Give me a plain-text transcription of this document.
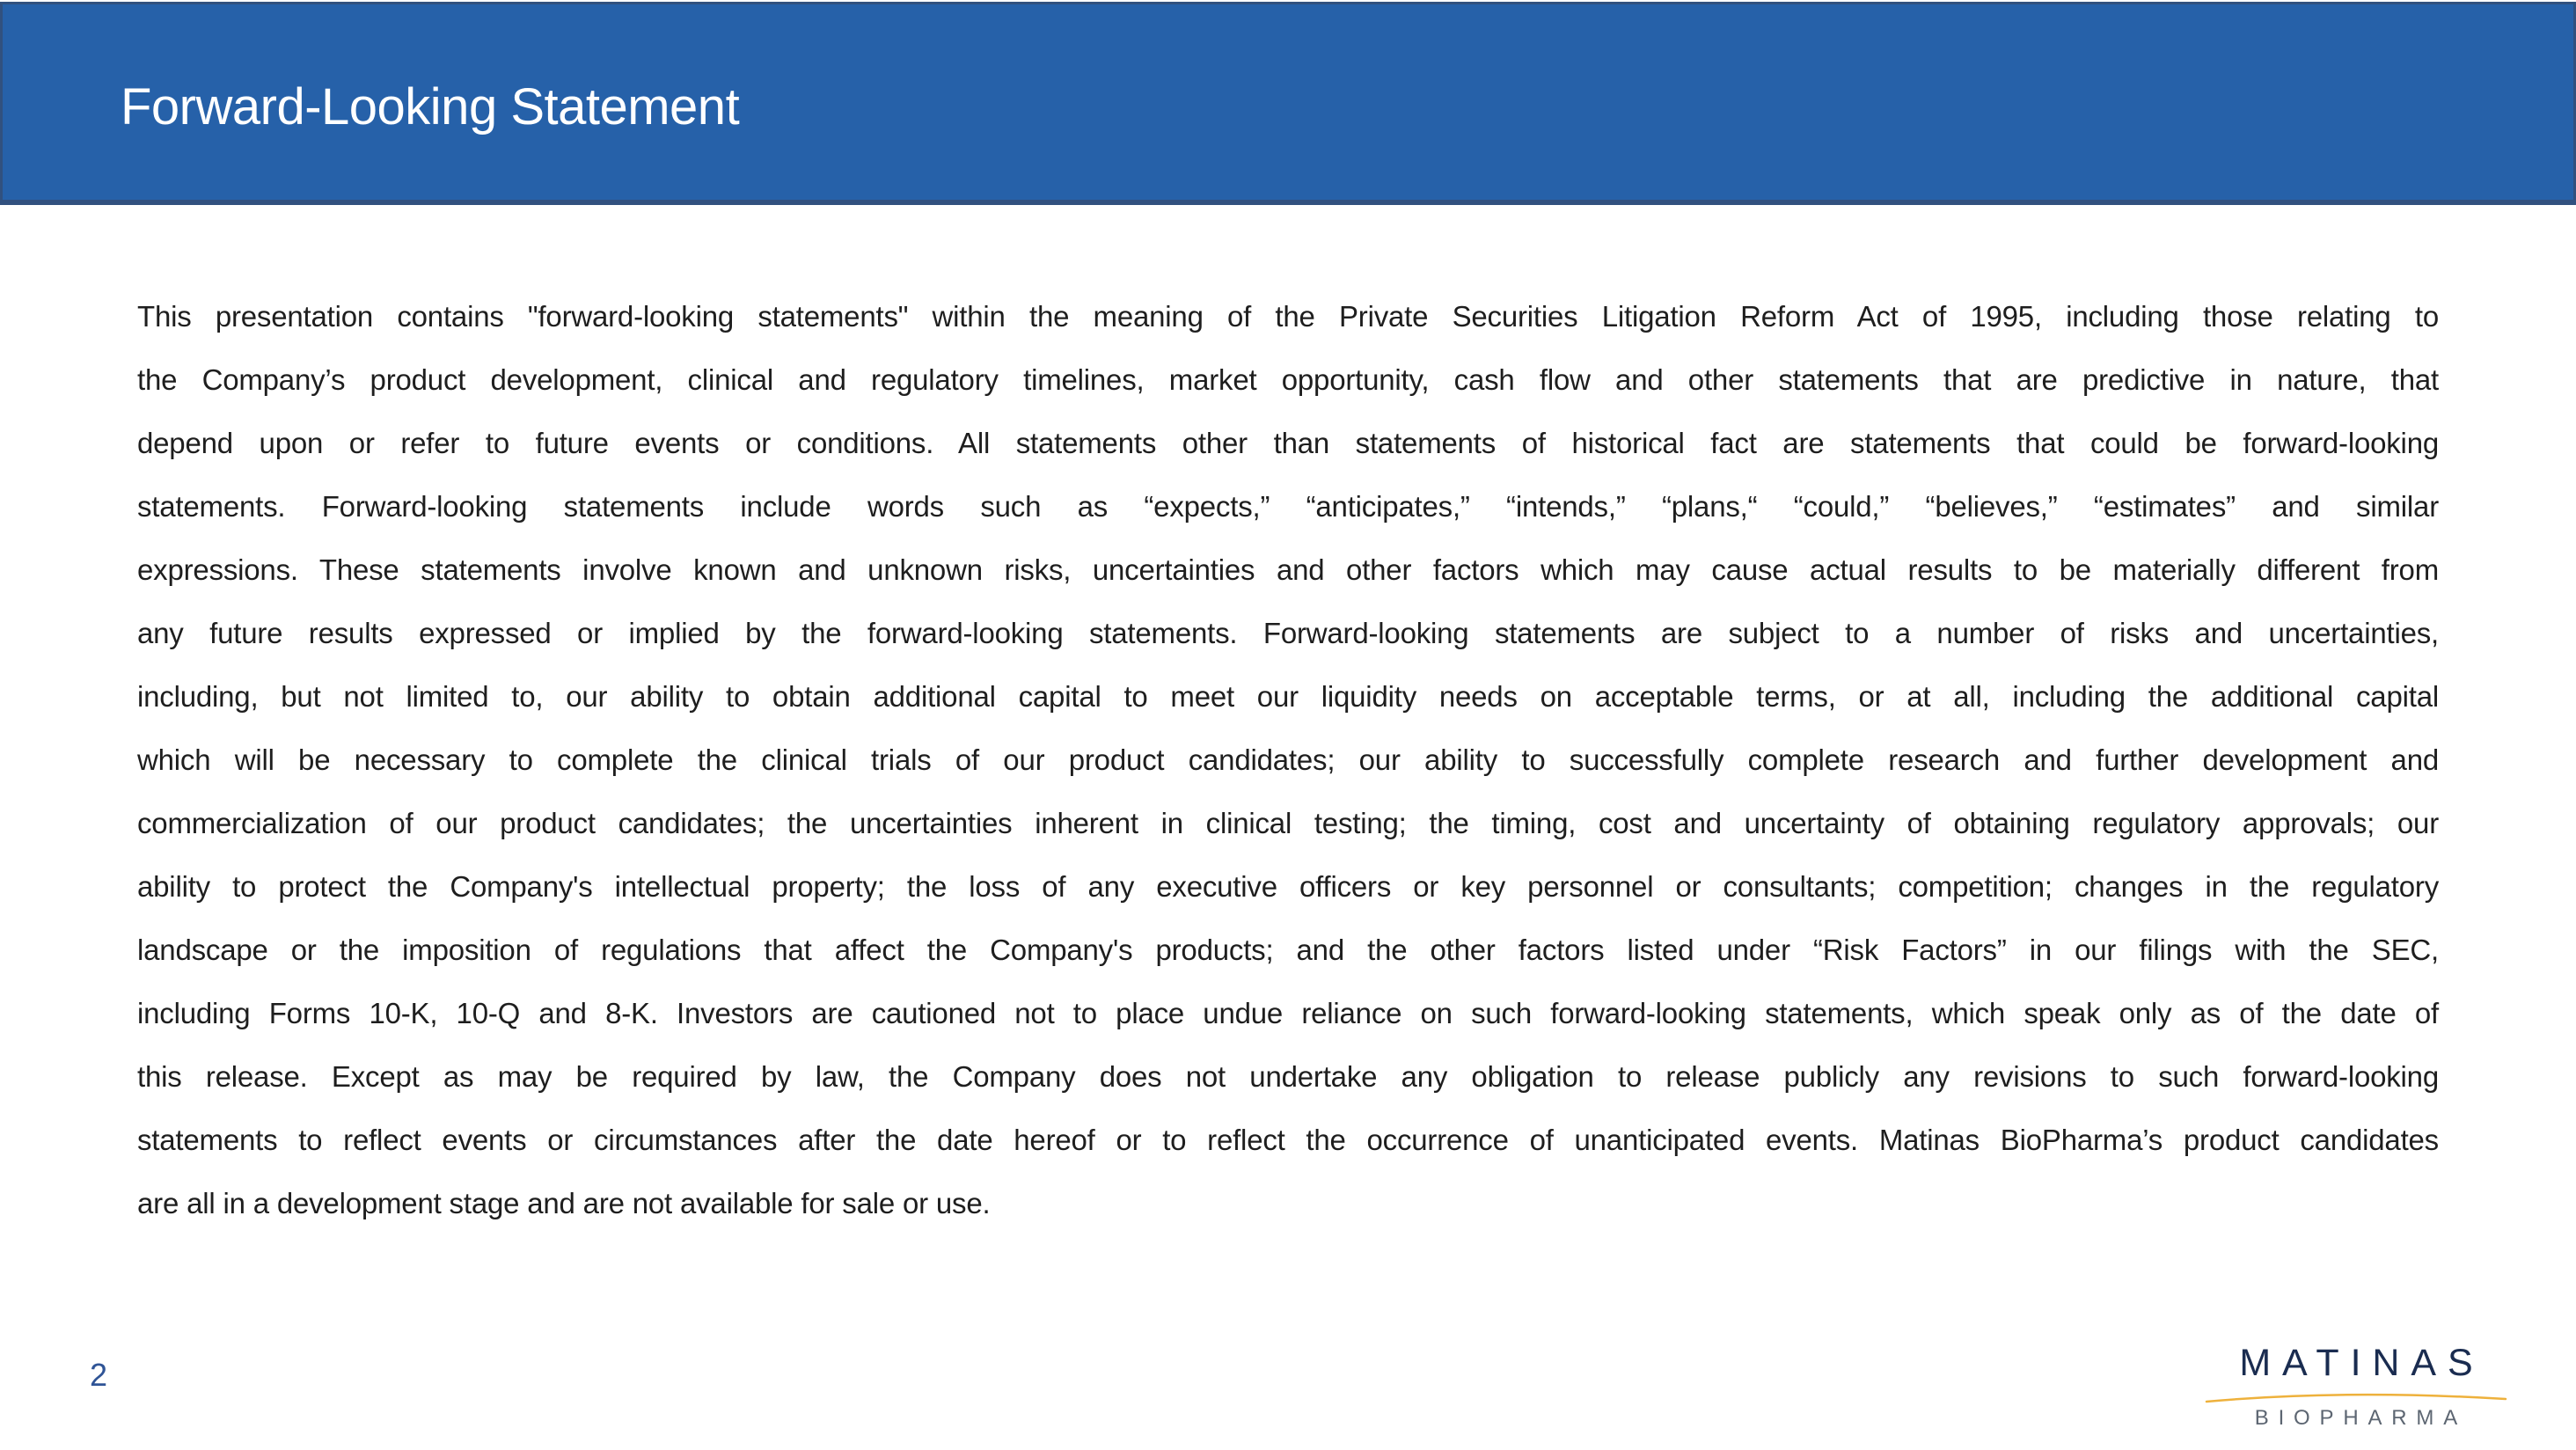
Forward-Looking Statement
This presentation contains "forward-looking statements" within the meaning of the Private Securities Litigation Reform Act of 1995, including those relating to
the Company’s product development, clinical and regulatory timelines, market opportunity, cash flow and other statements that are predictive in nature, that
depend upon or refer to future events or conditions. All statements other than statements of historical fact are statements that could be forward-looking
statements. Forward-looking statements include words such as “expects,” “anticipates,” “intends,” “plans,“ “could,” “believes,” “estimates” and similar
expressions. These statements involve known and unknown risks, uncertainties and other factors which may cause actual results to be materially different from
any future results expressed or implied by the forward-looking statements. Forward-looking statements are subject to a number of risks and uncertainties,
including, but not limited to, our ability to obtain additional capital to meet our liquidity needs on acceptable terms, or at all, including the additional capital
which will be necessary to complete the clinical trials of our product candidates; our ability to successfully complete research and further development and
commercialization of our product candidates; the uncertainties inherent in clinical testing; the timing, cost and uncertainty of obtaining regulatory approvals; our
ability to protect the Company's intellectual property; the loss of any executive officers or key personnel or consultants; competition; changes in the regulatory
landscape or the imposition of regulations that affect the Company's products; and the other factors listed under “Risk Factors” in our filings with the SEC,
including Forms 10-K, 10-Q and 8-K. Investors are cautioned not to place undue reliance on such forward-looking statements, which speak only as of the date of
this release. Except as may be required by law, the Company does not undertake any obligation to release publicly any revisions to such forward-looking
statements to reflect events or circumstances after the date hereof or to reflect the occurrence of unanticipated events. Matinas BioPharma’s product candidates
are all in a development stage and are not available for sale or use.
2	MATINAS
BIOPHARMA
